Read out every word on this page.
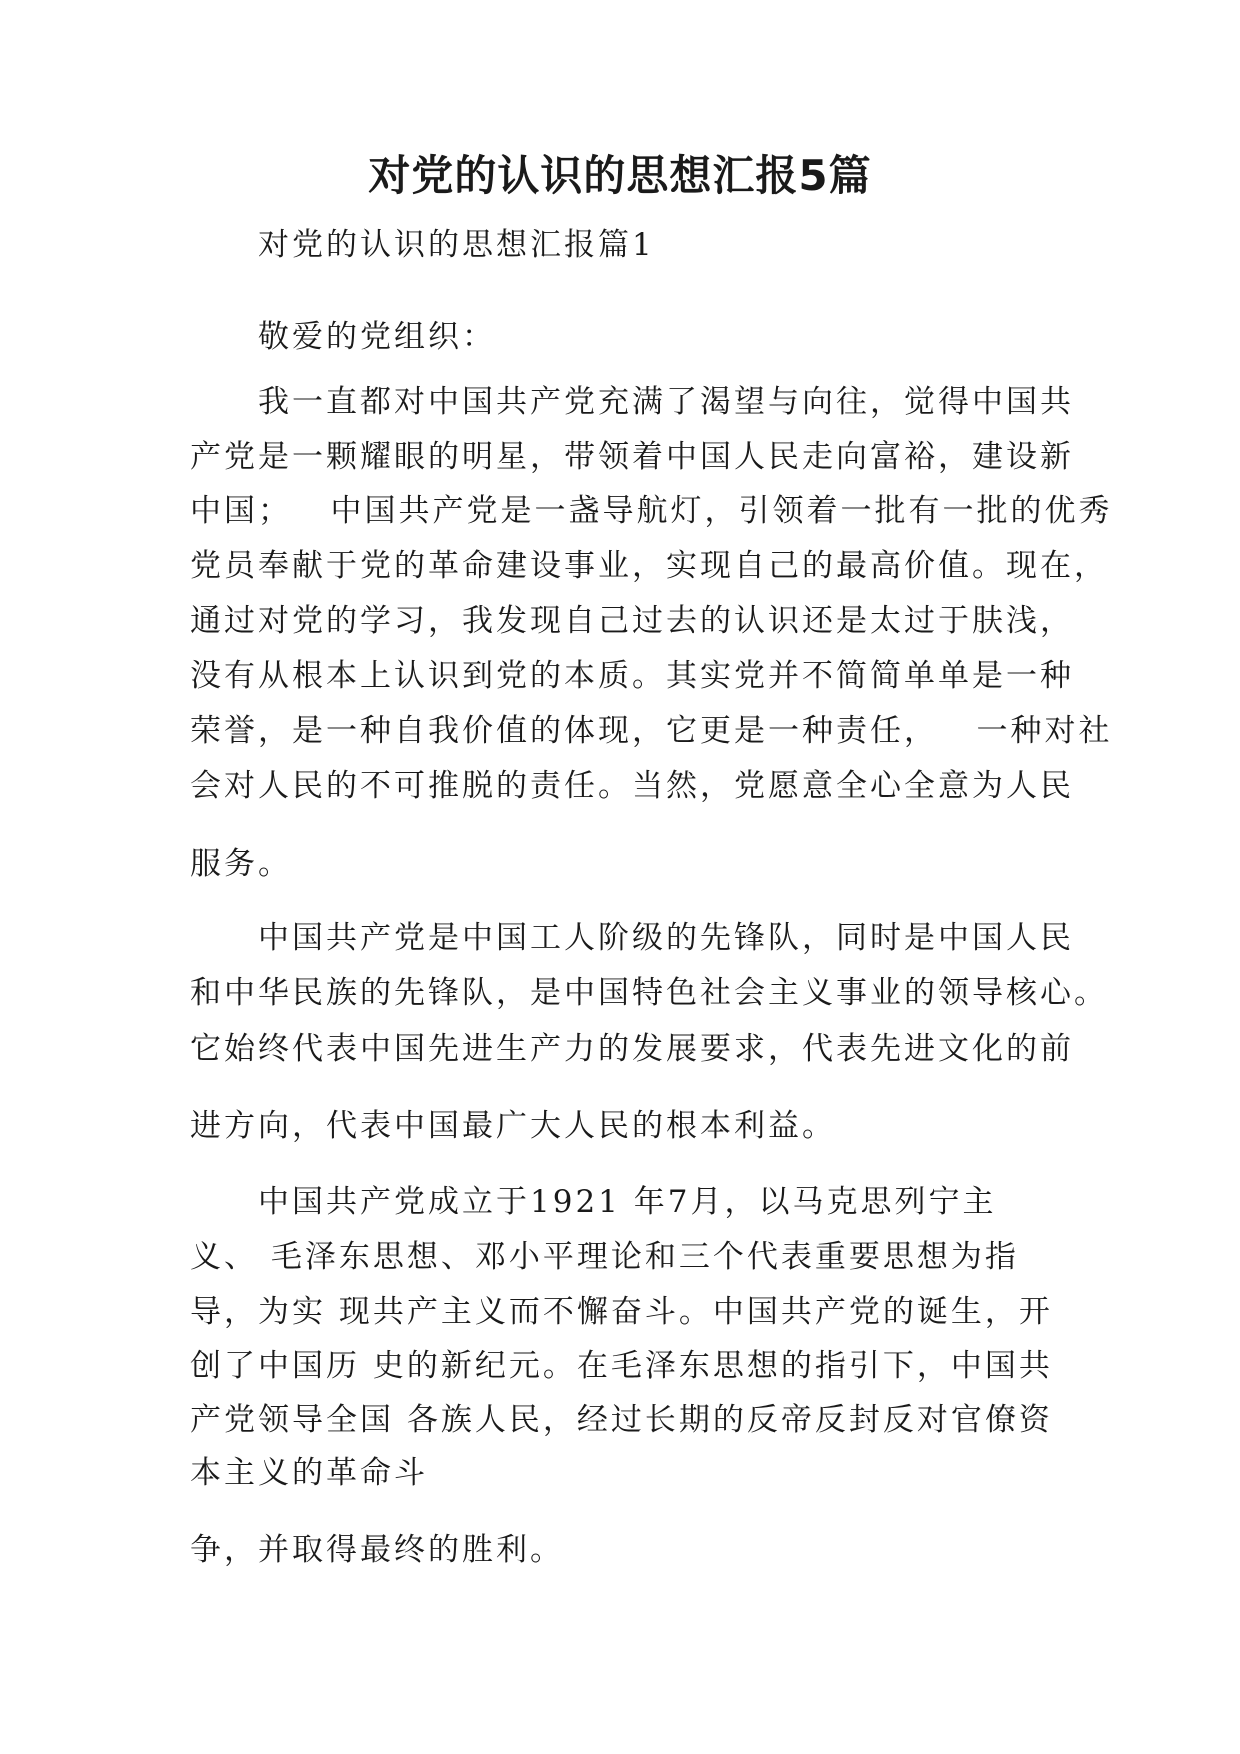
对党的认识的思想汇报5篇
对党的认识的思想汇报篇1
敬爱的党组织：
我一直都对中国共产党充满了渴望与向往，觉得中国共
产党是一颗耀眼的明星，带领着中国人民走向富裕，建设新
中国；   中国共产党是一盏导航灯，引领着一批有一批的优秀
党员奉献于党的革命建设事业，实现自己的最高价值。现在，
通过对党的学习，我发现自己过去的认识还是太过于肤浅，
没有从根本上认识到党的本质。其实党并不简简单单是一种
荣誉，是一种自我价值的体现，它更是一种责任，   一种对社
会对人民的不可推脱的责任。当然，党愿意全心全意为人民
服务。
中国共产党是中国工人阶级的先锋队，同时是中国人民
和中华民族的先锋队，是中国特色社会主义事业的领导核心。
它始终代表中国先进生产力的发展要求，代表先进文化的前
进方向，代表中国最广大人民的根本利益。
中国共产党成立于1921 年7月，以马克思列宁主
义、 毛泽东思想、邓小平理论和三个代表重要思想为指
导，为实 现共产主义而不懈奋斗。中国共产党的诞生，开
创了中国历 史的新纪元。在毛泽东思想的指引下，中国共
产党领导全国 各族人民，经过长期的反帝反封反对官僚资
本主义的革命斗
争，并取得最终的胜利。
